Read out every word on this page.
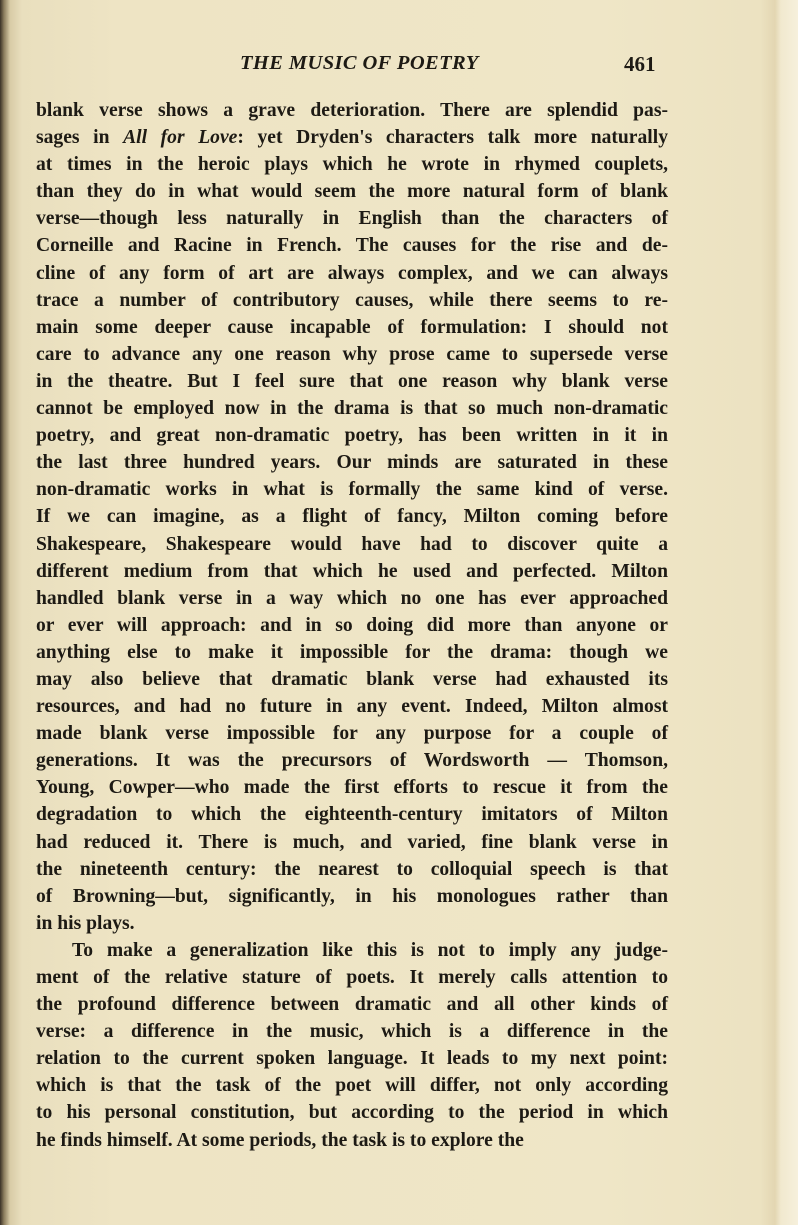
THE MUSIC OF POETRY	461
blank verse shows a grave deterioration. There are splendid pas-
sages in All for Love: yet Dryden's characters talk more naturally
at times in the heroic plays which he wrote in rhymed couplets,
than they do in what would seem the more natural form of blank
verse—though less naturally in English than the characters of
Corneille and Racine in French. The causes for the rise and de-
cline of any form of art are always complex, and we can always
trace a number of contributory causes, while there seems to re-
main some deeper cause incapable of formulation: I should not
care to advance any one reason why prose came to supersede verse
in the theatre. But I feel sure that one reason why blank verse
cannot be employed now in the drama is that so much non-dramatic
poetry, and great non-dramatic poetry, has been written in it in
the last three hundred years. Our minds are saturated in these
non-dramatic works in what is formally the same kind of verse.
If we can imagine, as a flight of fancy, Milton coming before
Shakespeare, Shakespeare would have had to discover quite a
different medium from that which he used and perfected. Milton
handled blank verse in a way which no one has ever approached
or ever will approach: and in so doing did more than anyone or
anything else to make it impossible for the drama: though we
may also believe that dramatic blank verse had exhausted its
resources, and had no future in any event. Indeed, Milton almost
made blank verse impossible for any purpose for a couple of
generations. It was the precursors of Wordsworth — Thomson,
Young, Cowper—who made the first efforts to rescue it from the
degradation to which the eighteenth-century imitators of Milton
had reduced it. There is much, and varied, fine blank verse in
the nineteenth century: the nearest to colloquial speech is that
of Browning—but, significantly, in his monologues rather than
in his plays.
To make a generalization like this is not to imply any judge-
ment of the relative stature of poets. It merely calls attention to
the profound difference between dramatic and all other kinds of
verse: a difference in the music, which is a difference in the
relation to the current spoken language. It leads to my next point:
which is that the task of the poet will differ, not only according
to his personal constitution, but according to the period in which
he finds himself. At some periods, the task is to explore the
